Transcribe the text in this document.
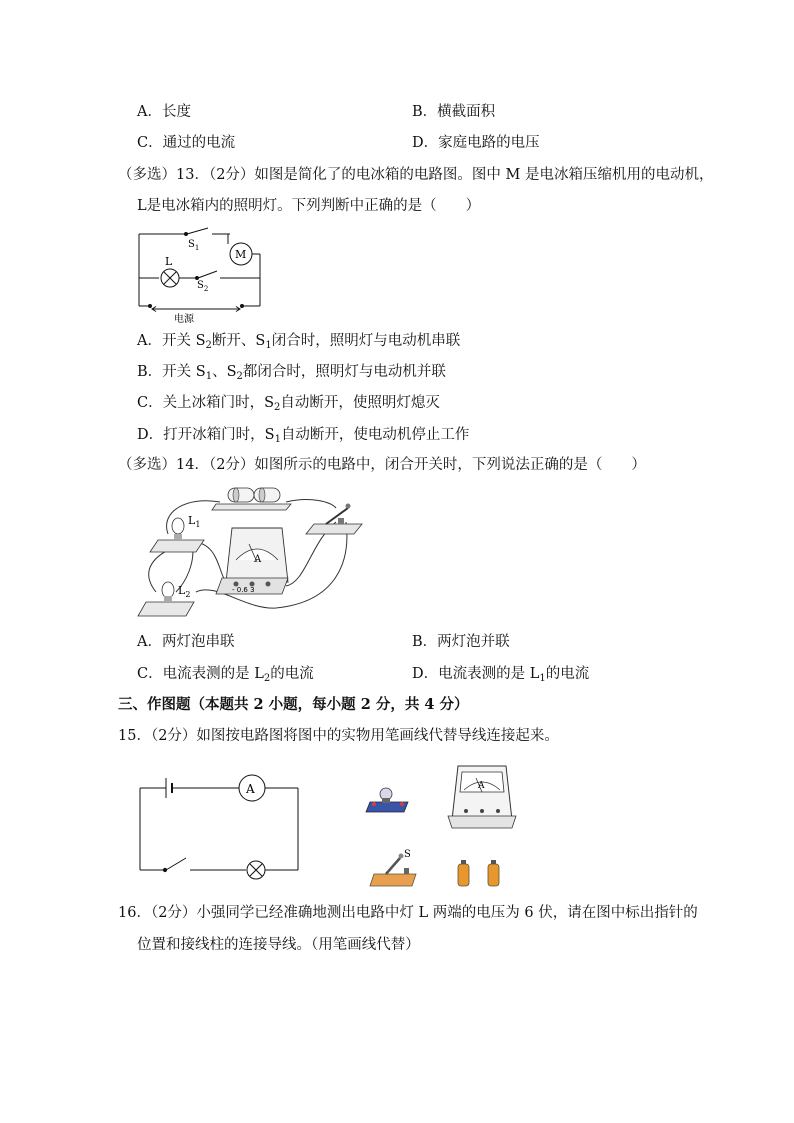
A．长度	B．横截面积
C．通过的电流	D．家庭电路的电压
（多选）13．（2分）如图是简化了的电冰箱的电路图。图中 M 是电冰箱压缩机用的电动机，
L是电冰箱内的照明灯。下列判断中正确的是（　　）
$S_1$	M
L
$S_2$
电源
A．开关 $S_2$断开、$S_1$闭合时，照明灯与电动机串联
B．开关 $S_1$、$S_2$都闭合时，照明灯与电动机并联
C．关上冰箱门时，$S_2$自动断开，使照明灯熄灭
D．打开冰箱门时，$S_1$自动断开，使电动机停止工作
（多选）14．（2分）如图所示的电路中，闭合开关时，下列说法正确的是（　　）
$L_1$
$L_2$
A
- 0.6 3
A．两灯泡串联	B．两灯泡并联
C．电流表测的是 $L_2$的电流	D．电流表测的是 $L_1$的电流
三、作图题（本题共 2 小题，每小题 2 分，共 4 分）
15．（2分）如图按电路图将图中的实物用笔画线代替导线连接起来。
A	A
S
16．（2分）小强同学已经准确地测出电路中灯 L 两端的电压为 6 伏，请在图中标出指针的
位置和接线柱的连接导线。（用笔画线代替）
